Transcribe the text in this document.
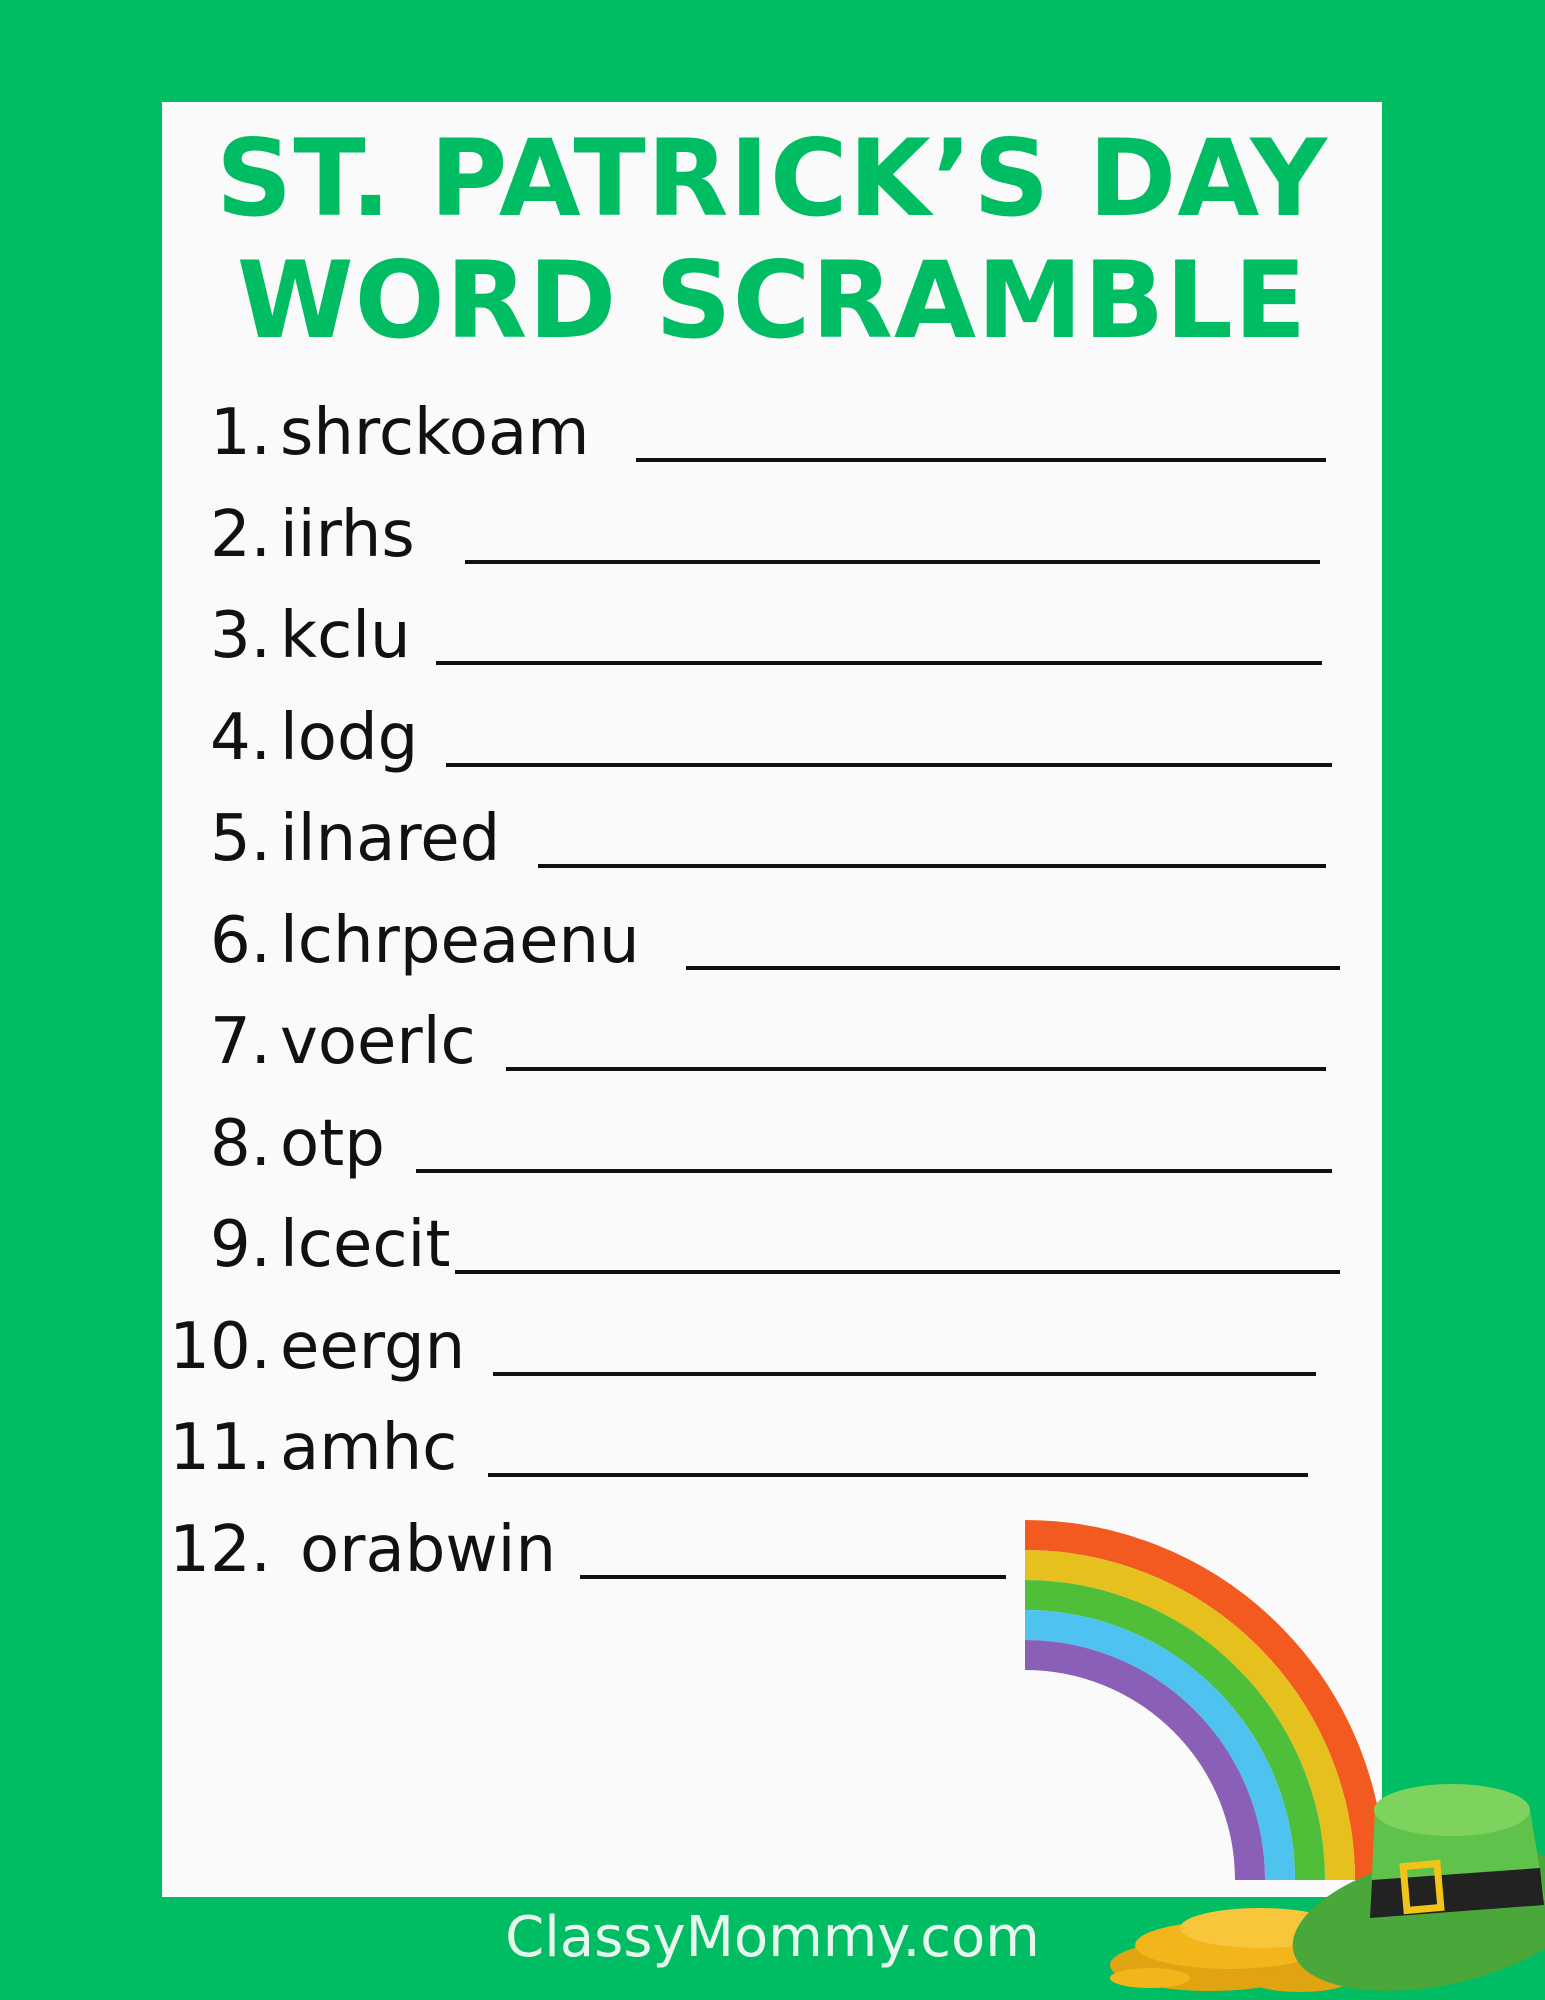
ST. PATRICK’S DAY
WORD SCRAMBLE
1. shrckoam
2. iirhs
3. kclu
4. lodg
5. ilnared
6. lchrpeaenu
7. voerlc
8. otp
9. lcecit
10. eergn
11. amhc
12. orabwin
ClassyMommy.com
